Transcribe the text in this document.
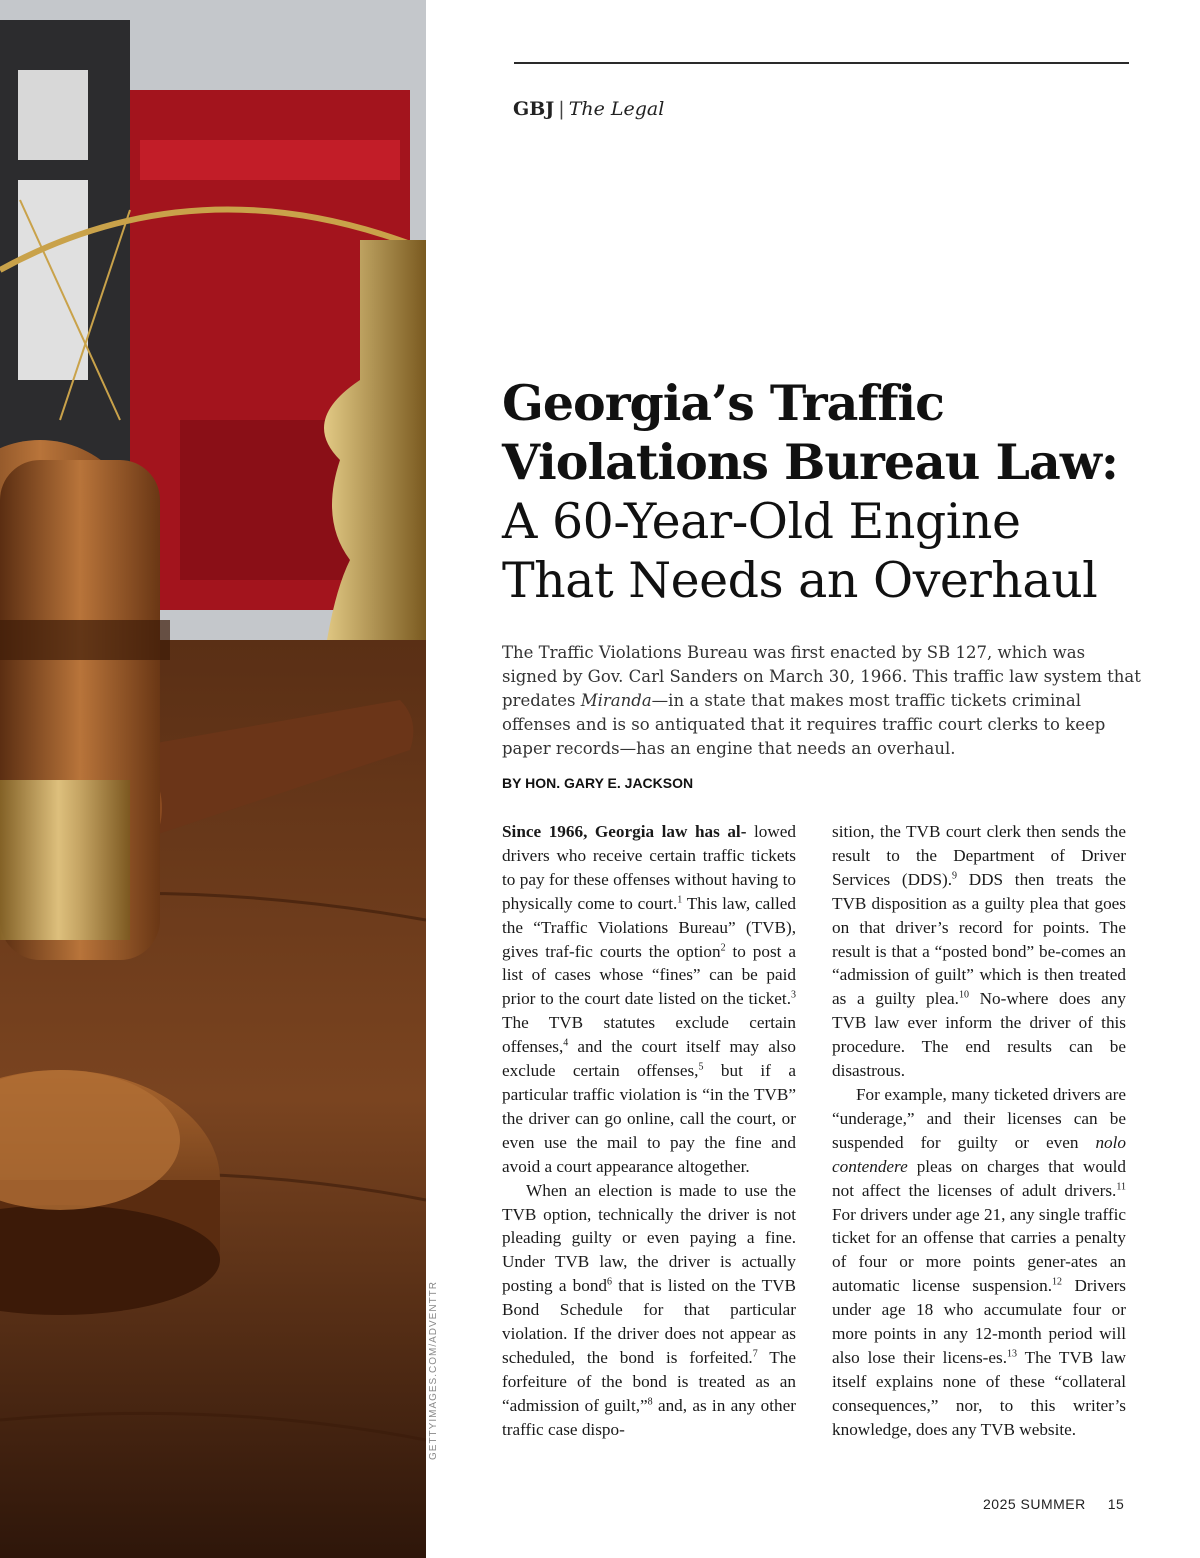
GETTYIMAGES.COM/ADVENTTR
GBJ | The Legal
Georgia’s Traffic
Violations Bureau Law:
A 60-Year-Old Engine
That Needs an Overhaul

The Traffic Violations Bureau was first enacted by SB 127, which was signed by Gov. Carl Sanders on March 30, 1966. This traffic law system that predates Miranda—in a state that makes most traffic tickets criminal offenses and is so antiquated that it requires traffic court clerks to keep paper records—has an engine that needs an overhaul.

BY HON. GARY E. JACKSON

Since 1966, Georgia law has al- lowed drivers who receive certain traffic tickets to pay for these offenses without having to physically come to court.$^1$ This law, called the “Traffic Violations Bureau” (TVB), gives traf-fic courts the option$^2$ to post a list of cases whose “fines” can be paid prior to the court date listed on the ticket.$^3$ The TVB statutes exclude certain offenses,$^4$ and the court itself may also exclude certain offenses,$^5$ but if a particular traffic violation is “in the TVB” the driver can go online, call the court, or even use the mail to pay the fine and avoid a court appearance altogether.

When an election is made to use the TVB option, technically the driver is not pleading guilty or even paying a fine. Under TVB law, the driver is actually posting a bond$^6$ that is listed on the TVB Bond Schedule for that particular violation. If the driver does not appear as scheduled, the bond is forfeited.$^7$ The forfeiture of the bond is treated as an “admission of guilt,”$^8$ and, as in any other traffic case dispo-

sition, the TVB court clerk then sends the result to the Department of Driver Services (DDS).$^9$ DDS then treats the TVB disposition as a guilty plea that goes on that driver’s record for points. The result is that a “posted bond” be-comes an “admission of guilt” which is then treated as a guilty plea.$^{10}$ No-where does any TVB law ever inform the driver of this procedure. The end results can be disastrous.

For example, many ticketed drivers are “underage,” and their licenses can be suspended for guilty or even nolo contendere pleas on charges that would not affect the licenses of adult drivers.$^{11}$ For drivers under age 21, any single traffic ticket for an offense that carries a penalty of four or more points gener-ates an automatic license suspension.$^{12}$ Drivers under age 18 who accumulate four or more points in any 12-month period will also lose their licens-es.$^{13}$ The TVB law itself explains none of these “collateral consequences,” nor, to this writer’s knowledge, does any TVB website.

2025 SUMMER 15
